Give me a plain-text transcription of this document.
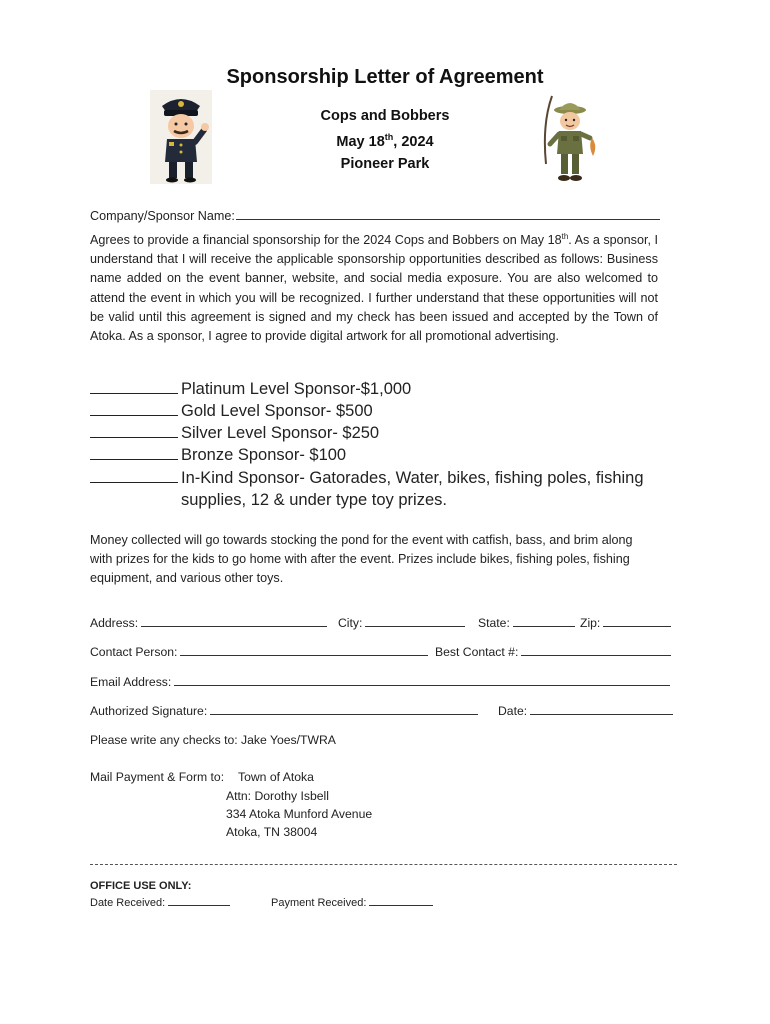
Sponsorship Letter of Agreement
Cops and Bobbers
May 18th, 2024
Pioneer Park
Company/Sponsor Name:
Agrees to provide a financial sponsorship for the 2024 Cops and Bobbers on May 18th. As a sponsor, I understand that I will receive the applicable sponsorship opportunities described as follows: Business name added on the event banner, website, and social media exposure. You are also welcomed to attend the event in which you will be recognized. I further understand that these opportunities will not be valid until this agreement is signed and my check has been issued and accepted by the Town of Atoka. As a sponsor, I agree to provide digital artwork for all promotional advertising.
Platinum Level Sponsor-$1,000
Gold Level Sponsor- $500
Silver Level Sponsor- $250
Bronze Sponsor- $100
In-Kind Sponsor- Gatorades, Water, bikes, fishing poles, fishing
supplies, 12 & under type toy prizes.
Money collected will go towards stocking the pond for the event with catfish, bass, and brim along with prizes for the kids to go home with after the event. Prizes include bikes, fishing poles, fishing equipment, and various other toys.
Address:	City:	State:	Zip:
Contact Person:	Best Contact #:
Email Address:
Authorized Signature:	Date:
Please write any checks to: Jake Yoes/TWRA
Mail Payment & Form to: Town of Atoka
Attn: Dorothy Isbell
334 Atoka Munford Avenue
Atoka, TN 38004
OFFICE USE ONLY:
Date Received:	Payment Received:
